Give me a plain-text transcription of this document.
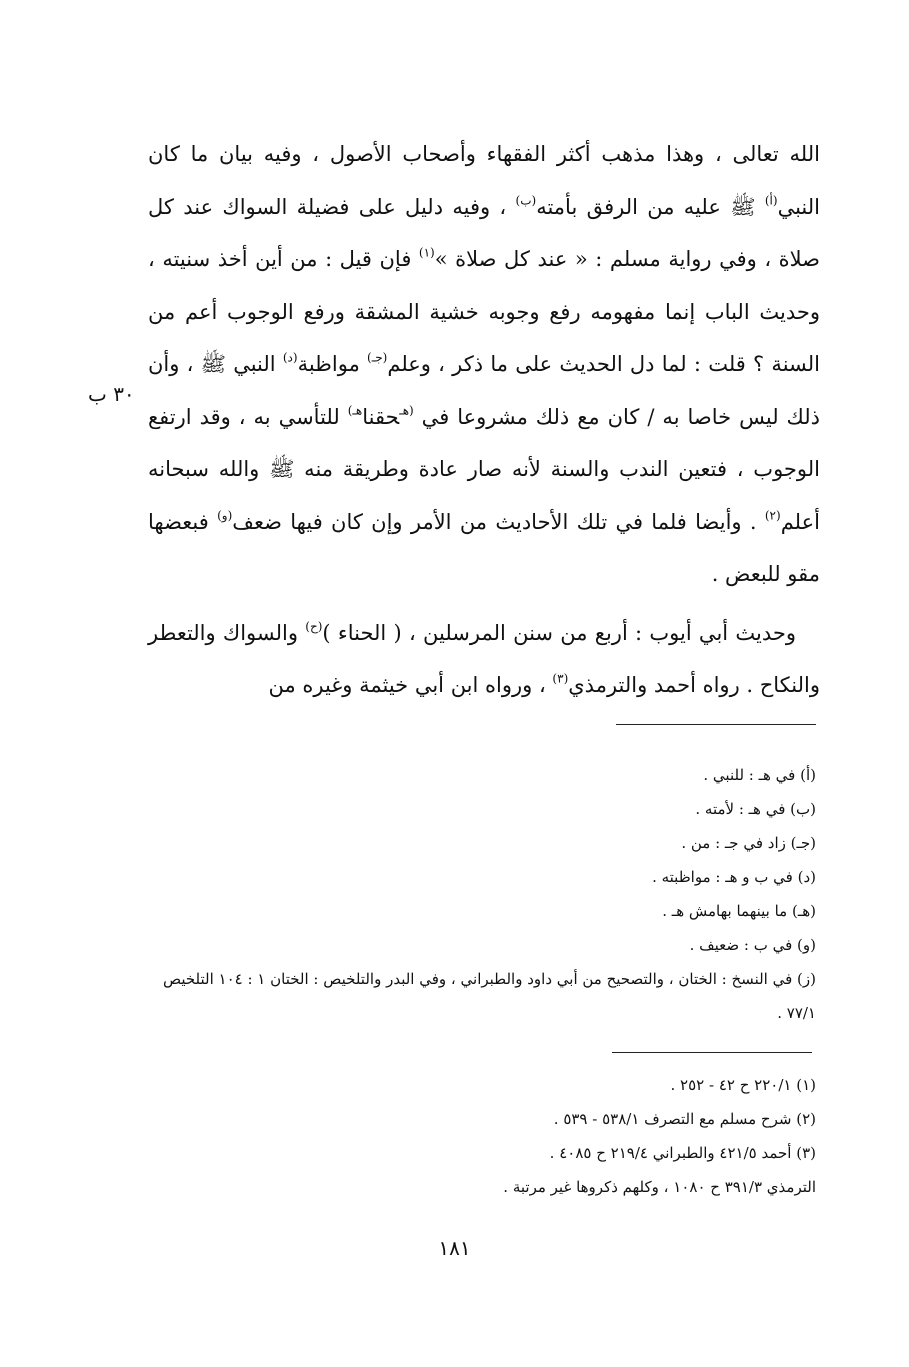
الله تعالى ، وهذا مذهب أكثر الفقهاء وأصحاب الأصول ، وفيه بيان ما كان النبي$^{(أ)}$ ﷺ عليه من الرفق بأمته$^{(ب)}$ ، وفيه دليل على فضيلة السواك عند كل صلاة ، وفي رواية مسلم : « عند كل صلاة »$^{(١)}$ فإن قيل : من أين أخذ سنيته ، وحديث الباب إنما مفهومه رفع وجوبه خشية المشقة ورفع الوجوب أعم من السنة ؟ قلت : لما دل الحديث على ما ذكر ، وعلم$^{(جـ)}$ مواظبة$^{(د)}$ النبي ﷺ ، وأن ذلك ليس خاصا به / كان مع ذلك مشروعا في $^{(هـ}$حقنا$^{هـ)}$ للتأسي به ، وقد ارتفع الوجوب ، فتعين الندب والسنة لأنه صار عادة وطريقة منه ﷺ والله سبحانه أعلم$^{(٢)}$ . وأيضا فلما في تلك الأحاديث من الأمر وإن كان فيها ضعف$^{(و)}$ فبعضها مقو للبعض .

وحديث أبي أيوب : أربع من سنن المرسلين ، ( الحناء )$^{(ح)}$ والسواك والتعطر والنكاح . رواه أحمد والترمذي$^{(٣)}$ ، ورواه ابن أبي خيثمة وغيره من

٣٠ ب
(أ) في هـ : للنبي .
(ب) في هـ : لأمته .
(جـ) زاد في جـ : من .
(د) في ب و هـ : مواظبته .
(هـ) ما بينهما بهامش هـ .
(و) في ب : ضعيف .
(ز) في النسخ : الختان ، والتصحيح من أبي داود والطبراني ، وفي البدر والتلخيص : الختان ١ : ١٠٤ التلخيص ٧٧/١ .
(١) ٢٢٠/١ ح ٤٢ - ٢٥٢ .
(٢) شرح مسلم مع التصرف ٥٣٨/١ - ٥٣٩ .
(٣) أحمد ٤٢١/٥ والطبراني ٢١٩/٤ ح ٤٠٨٥ .
الترمذي ٣٩١/٣ ح ١٠٨٠ ، وكلهم ذكروها غير مرتبة .
١٨١
